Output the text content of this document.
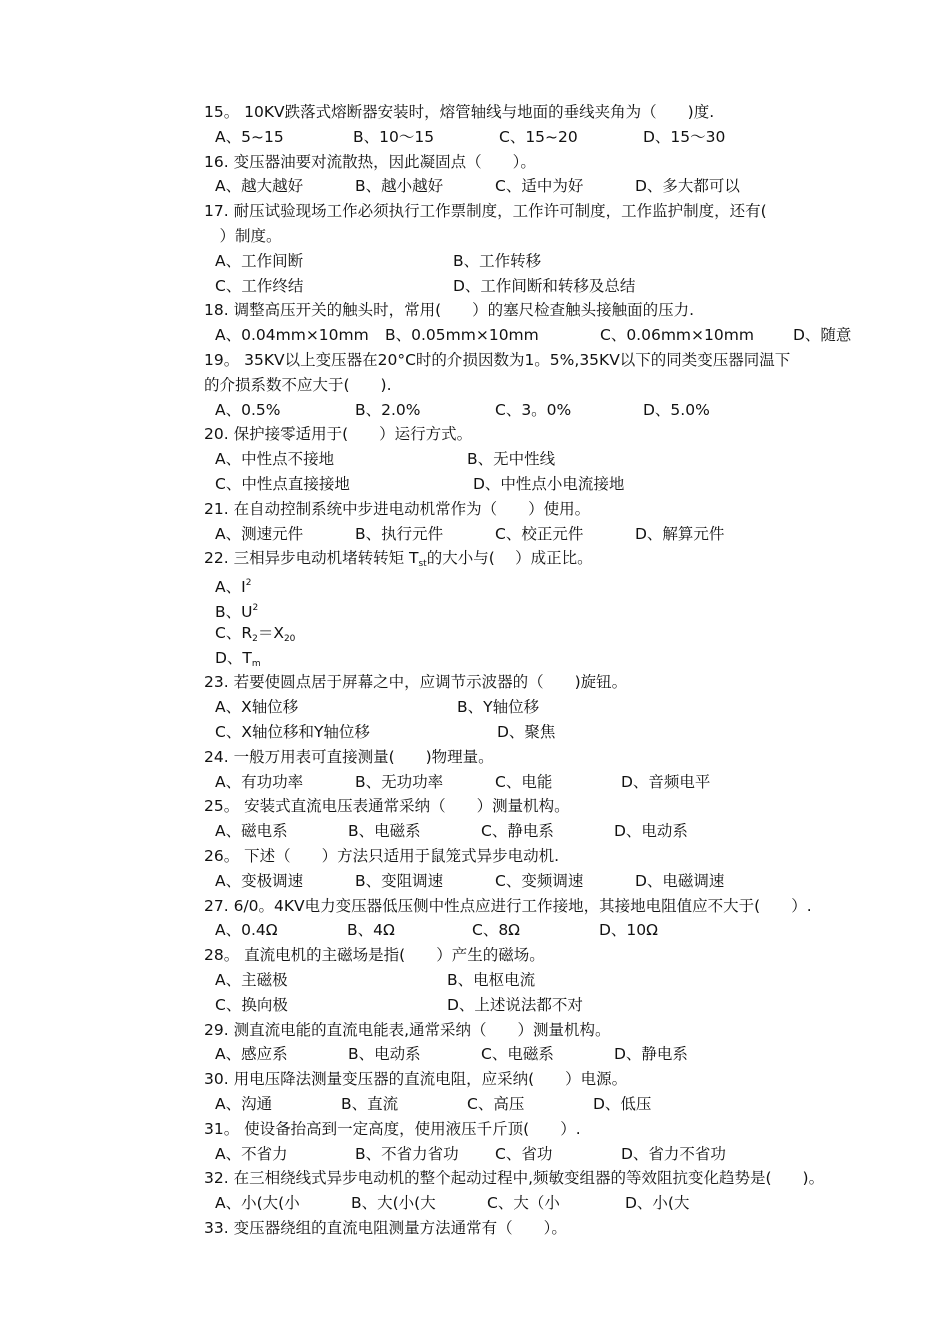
15。 10KV跌落式熔断器安装时，熔管轴线与地面的垂线夹角为（　　)度.
A、5~15	B、10～15	C、15~20	D、15～30
16. 变压器油要对流散热，因此凝固点（　　）。
A、越大越好	B、越小越好	C、适中为好	D、多大都可以
17. 耐压试验现场工作必须执行工作票制度，工作许可制度，工作监护制度，还有(
　）制度。
A、工作间断	B、工作转移
C、工作终结	D、工作间断和转移及总结
18. 调整高压开关的触头时，常用(　　）的塞尺检查触头接触面的压力.
A、0.04mm×10mm B、0.05mm×10mm	C、0.06mm×10mm	D、随意
19。 35KV以上变压器在20°C时的介损因数为1。5%,35KV以下的同类变压器同温下
的介损系数不应大于(　　).
A、0.5%	B、2.0%	C、3。0%	D、5.0%
20. 保护接零适用于(　　）运行方式。
A、中性点不接地	B、无中性线
C、中性点直接接地	D、中性点小电流接地
21. 在自动控制系统中步进电动机常作为（　　）使用。
A、测速元件	B、执行元件	C、校正元件	D、解算元件
22. 三相异步电动机堵转转矩 $T_{st}$的大小与(　 ）成正比。
A、$I^2$
B、$U^2$
C、$R_2=X_{20}$
D、$T_m$
23. 若要使圆点居于屏幕之中，应调节示波器的（　　)旋钮。
A、X轴位移	B、Y轴位移
C、X轴位移和Y轴位移	D、聚焦
24. 一般万用表可直接测量(　　)物理量。
A、有功功率	B、无功功率	C、电能	D、音频电平
25。 安装式直流电压表通常采纳（　　）测量机构。
A、磁电系	B、电磁系	C、静电系	D、电动系
26。 下述（　　）方法只适用于鼠笼式异步电动机.
A、变极调速	B、变阻调速	C、变频调速	D、电磁调速
27. 6/0。4KV电力变压器低压侧中性点应进行工作接地，其接地电阻值应不大于(　　）.
A、0.4Ω	B、4Ω	C、8Ω	D、10Ω
28。 直流电机的主磁场是指(　　）产生的磁场。
A、主磁极	B、电枢电流
C、换向极	D、上述说法都不对
29. 测直流电能的直流电能表,通常采纳（　　）测量机构。
A、感应系	B、电动系	C、电磁系	D、静电系
30. 用电压降法测量变压器的直流电阻，应采纳(　　）电源。
A、沟通	B、直流	C、高压	D、低压
31。 使设备抬高到一定高度，使用液压千斤顶(　　）.
A、不省力	B、不省力省功 C、省功	D、省力不省功
32. 在三相绕线式异步电动机的整个起动过程中,频敏变组器的等效阻抗变化趋势是(　　)。
A、小(大(小	B、大(小(大	C、大（小	D、小(大
33. 变压器绕组的直流电阻测量方法通常有（　　）。
